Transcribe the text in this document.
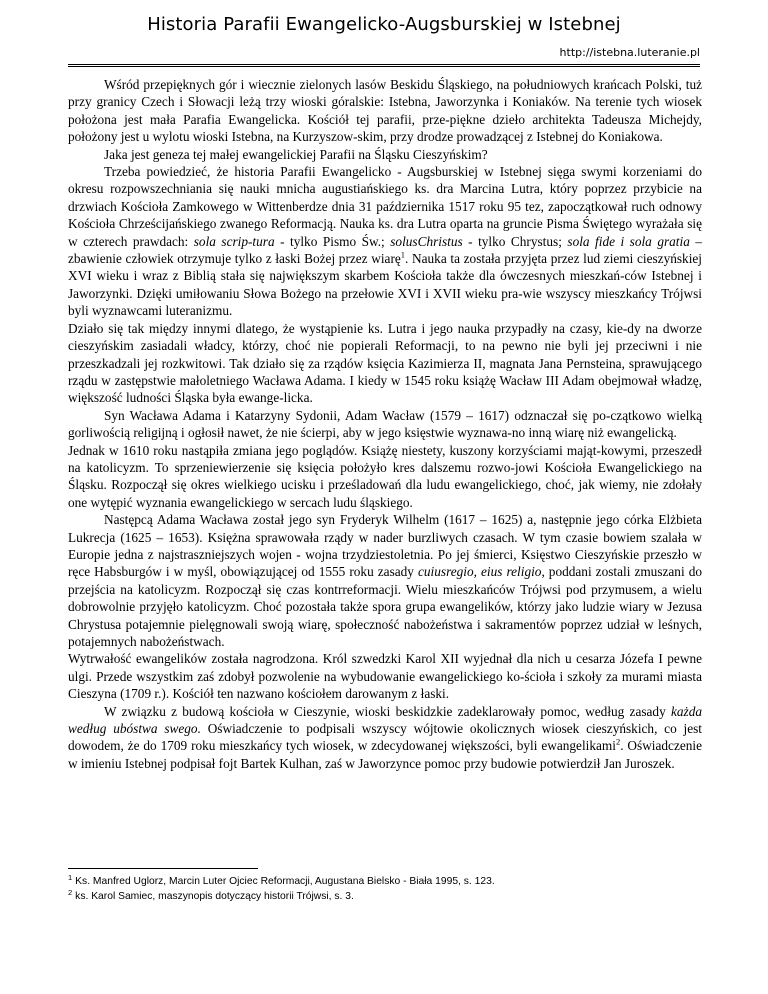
Historia Parafii Ewangelicko-Augsburskiej w Istebnej
http://istebna.luteranie.pl

Wśród przepięknych gór i wiecznie zielonych lasów Beskidu Śląskiego, na południowych krańcach Polski, tuż przy granicy Czech i Słowacji leżą trzy wioski góralskie: Istebna, Jaworzynka i Koniaków. Na terenie tych wiosek położona jest mała Parafia Ewangelicka. Kościół tej parafii, prze-piękne dzieło architekta Tadeusza Michejdy, położony jest u wylotu wioski Istebna, na Kurzyszow-skim, przy drodze prowadzącej z Istebnej do Koniakowa.

Jaka jest geneza tej małej ewangelickiej Parafii na Śląsku Cieszyńskim?

Trzeba powiedzieć, że historia Parafii Ewangelicko - Augsburskiej w Istebnej sięga swymi korzeniami do okresu rozpowszechniania się nauki mnicha augustiańskiego ks. dra Marcina Lutra, który poprzez przybicie na drzwiach Kościoła Zamkowego w Wittenberdze dnia 31 października 1517 roku 95 tez, zapoczątkował ruch odnowy Kościoła Chrześcijańskiego zwanego Reformacją. Nauka ks. dra Lutra oparta na gruncie Pisma Świętego wyrażała się w czterech prawdach: sola scrip-tura - tylko Pismo Św.; solusChristus - tylko Chrystus; sola fide i sola gratia – zbawienie człowiek otrzymuje tylko z łaski Bożej przez wiarę$^1$. Nauka ta została przyjęta przez lud ziemi cieszyńskiej XVI wieku i wraz z Biblią stała się największym skarbem Kościoła także dla ówczesnych mieszkań-ców Istebnej i Jaworzynki. Dzięki umiłowaniu Słowa Bożego na przełowie XVI i XVII wieku pra-wie wszyscy mieszkańcy Trójwsi byli wyznawcami luteranizmu.

Działo się tak między innymi dlatego, że wystąpienie ks. Lutra i jego nauka przypadły na czasy, kie-dy na dworze cieszyńskim zasiadali władcy, którzy, choć nie popierali Reformacji, to na pewno nie byli jej przeciwni i nie przeszkadzali jej rozkwitowi. Tak działo się za rządów księcia Kazimierza II, magnata Jana Pernsteina, sprawującego rządu w zastępstwie małoletniego Wacława Adama. I kiedy w 1545 roku książę Wacław III Adam obejmował władzę, większość ludności Śląska była ewange-licka.

Syn Wacława Adama i Katarzyny Sydonii, Adam Wacław (1579 – 1617) odznaczał się po-czątkowo wielką gorliwością religijną i ogłosił nawet, że nie ścierpi, aby w jego księstwie wyznawa-no inną wiarę niż ewangelicką.

Jednak w 1610 roku nastąpiła zmiana jego poglądów. Książę niestety, kuszony korzyściami mająt-kowymi, przeszedł na katolicyzm. To sprzeniewierzenie się księcia położyło kres dalszemu rozwo-jowi Kościoła Ewangelickiego na Śląsku. Rozpoczął się okres wielkiego ucisku i prześladowań dla ludu ewangelickiego, choć, jak wiemy, nie zdołały one wytępić wyznania ewangelickiego w sercach ludu śląskiego.

Następcą Adama Wacława został jego syn Fryderyk Wilhelm (1617 – 1625) a, następnie jego córka Elżbieta Lukrecja (1625 – 1653). Księżna sprawowała rządy w nader burzliwych czasach. W tym czasie bowiem szalała w Europie jedna z najstraszniejszych wojen - wojna trzydziestoletnia. Po jej śmierci, Księstwo Cieszyńskie przeszło w ręce Habsburgów i w myśl, obowiązującej od 1555 roku zasady cuiusregio, eius religio, poddani zostali zmuszani do przejścia na katolicyzm. Rozpoczął się czas kontrreformacji. Wielu mieszkańców Trójwsi pod przymusem, a wielu dobrowolnie przyjęło katolicyzm. Choć pozostała także spora grupa ewangelików, którzy jako ludzie wiary w Jezusa Chrystusa potajemnie pielęgnowali swoją wiarę, społeczność nabożeństwa i sakramentów poprzez udział w leśnych, potajemnych nabożeństwach.

Wytrwałość ewangelików została nagrodzona. Król szwedzki Karol XII wyjednał dla nich u cesarza Józefa I pewne ulgi. Przede wszystkim zaś zdobył pozwolenie na wybudowanie ewangelickiego ko-ścioła i szkoły za murami miasta Cieszyna (1709 r.). Kościół ten nazwano kościołem darowanym z łaski.

W związku z budową kościoła w Cieszynie, wioski beskidzkie zadeklarowały pomoc, według zasady każda według ubóstwa swego. Oświadczenie to podpisali wszyscy wójtowie okolicznych wiosek cieszyńskich, co jest dowodem, że do 1709 roku mieszkańcy tych wiosek, w zdecydowanej większości, byli ewangelikami$^2$. Oświadczenie w imieniu Istebnej podpisał fojt Bartek Kulhan, zaś w Jaworzynce pomoc przy budowie potwierdził Jan Juroszek.

$^1$ Ks. Manfred Uglorz, Marcin Luter Ojciec Reformacji, Augustana Bielsko - Biała 1995, s. 123.

$^2$ ks. Karol Samiec, maszynopis dotyczący historii Trójwsi, s. 3.
